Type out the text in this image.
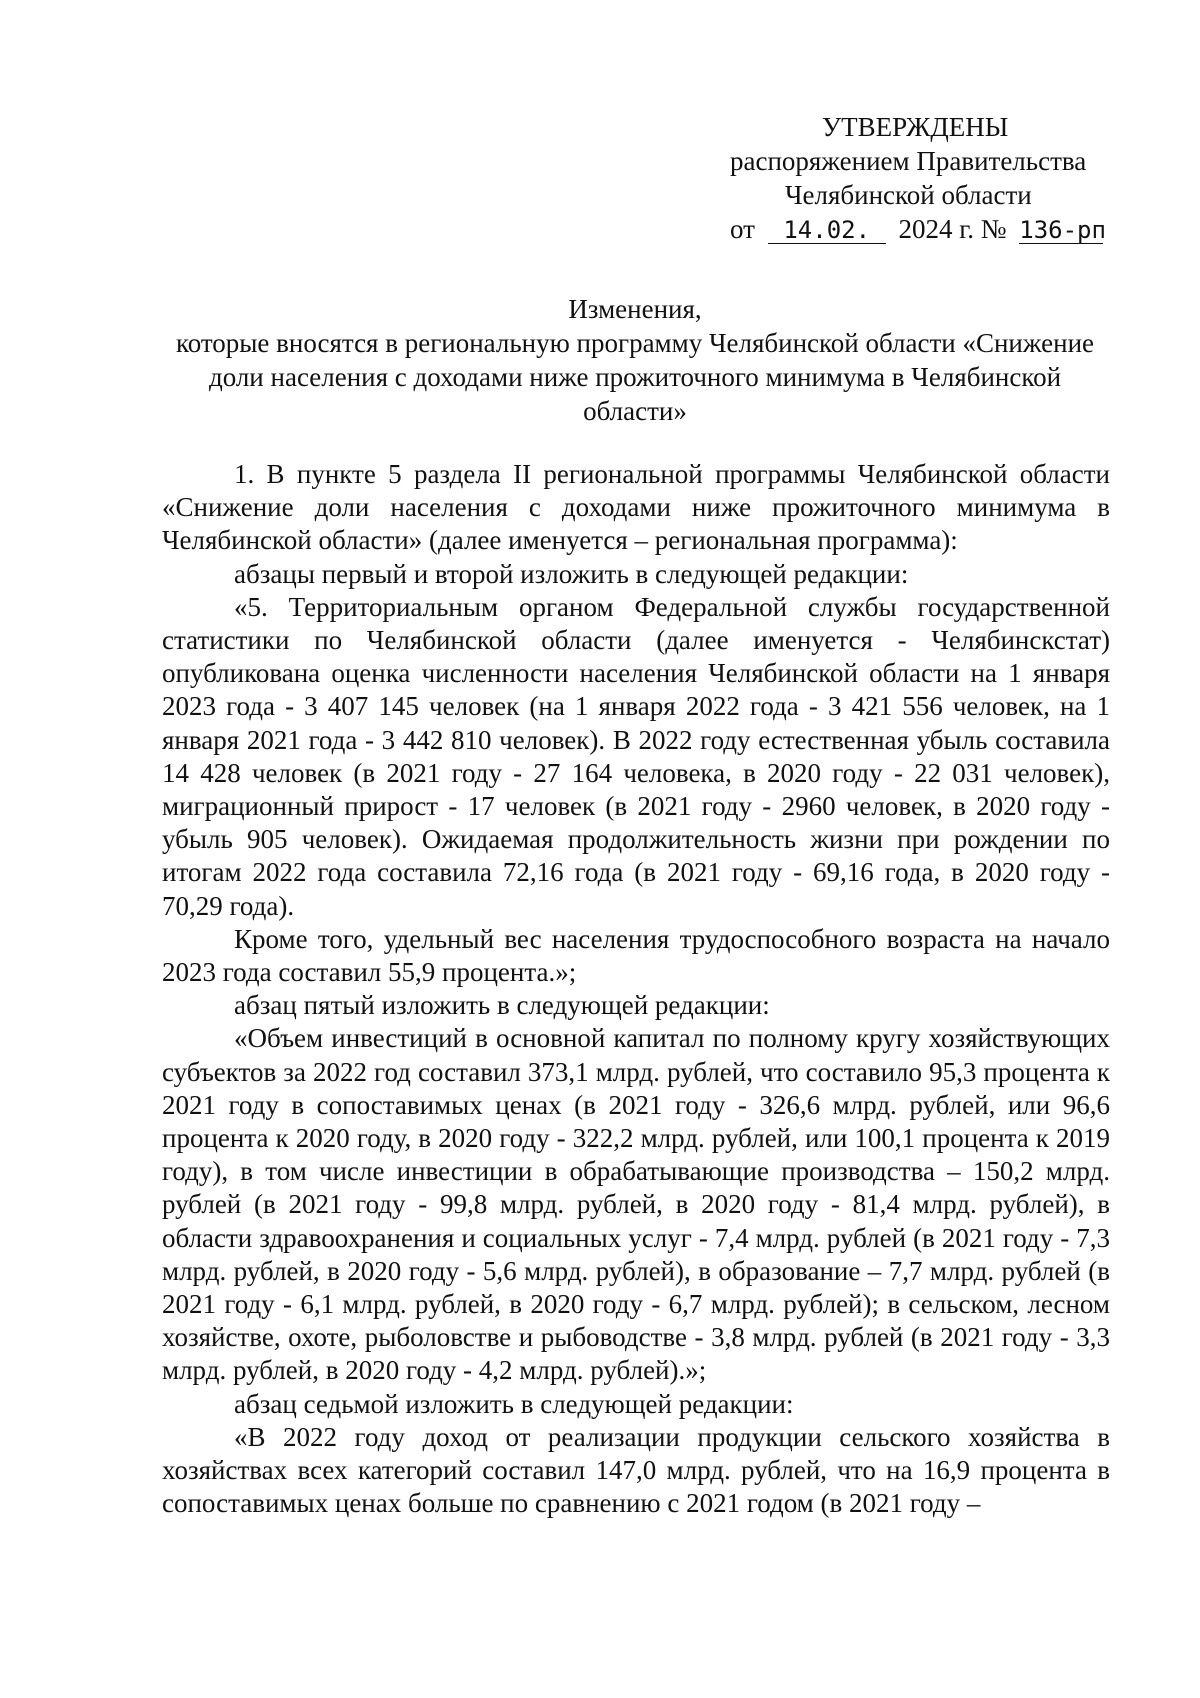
УТВЕРЖДЕНЫ
распоряжением Правительства
Челябинской области
от 14.02. 2024 г. № 136-рп
Изменения,
которые вносятся в региональную программу Челябинской области «Снижение доли населения с доходами ниже прожиточного минимума в Челябинской области»

1. В пункте 5 раздела II региональной программы Челябинской области «Снижение доли населения с доходами ниже прожиточного минимума в Челябинской области» (далее именуется – региональная программа):

абзацы первый и второй изложить в следующей редакции:

«5. Территориальным органом Федеральной службы государственной статистики по Челябинской области (далее именуется - Челябинскстат) опубликована оценка численности населения Челябинской области на 1 января 2023 года - 3 407 145 человек (на 1 января 2022 года - 3 421 556 человек, на 1 января 2021 года - 3 442 810 человек). В 2022 году естественная убыль составила 14 428 человек (в 2021 году - 27 164 человека, в 2020 году - 22 031 человек), миграционный прирост - 17 человек (в 2021 году - 2960 человек, в 2020 году - убыль 905 человек). Ожидаемая продолжительность жизни при рождении по итогам 2022 года составила 72,16 года (в 2021 году - 69,16 года, в 2020 году - 70,29 года).

Кроме того, удельный вес населения трудоспособного возраста на начало 2023 года составил 55,9 процента.»;

абзац пятый изложить в следующей редакции:

«Объем инвестиций в основной капитал по полному кругу хозяйствующих субъектов за 2022 год составил 373,1 млрд. рублей, что составило 95,3 процента к 2021 году в сопоставимых ценах (в 2021 году - 326,6 млрд. рублей, или 96,6 процента к 2020 году, в 2020 году - 322,2 млрд. рублей, или 100,1 процента к 2019 году), в том числе инвестиции в обрабатывающие производства – 150,2 млрд. рублей (в 2021 году - 99,8 млрд. рублей, в 2020 году - 81,4 млрд. рублей), в области здравоохранения и социальных услуг - 7,4 млрд. рублей (в 2021 году - 7,3 млрд. рублей, в 2020 году - 5,6 млрд. рублей), в образование – 7,7 млрд. рублей (в 2021 году - 6,1 млрд. рублей, в 2020 году - 6,7 млрд. рублей); в сельском, лесном хозяйстве, охоте, рыболовстве и рыбоводстве - 3,8 млрд. рублей (в 2021 году - 3,3 млрд. рублей, в 2020 году - 4,2 млрд. рублей).»;

абзац седьмой изложить в следующей редакции:

«В 2022 году доход от реализации продукции сельского хозяйства в хозяйствах всех категорий составил 147,0 млрд. рублей, что на 16,9 процента в сопоставимых ценах больше по сравнению с 2021 годом (в 2021 году –
